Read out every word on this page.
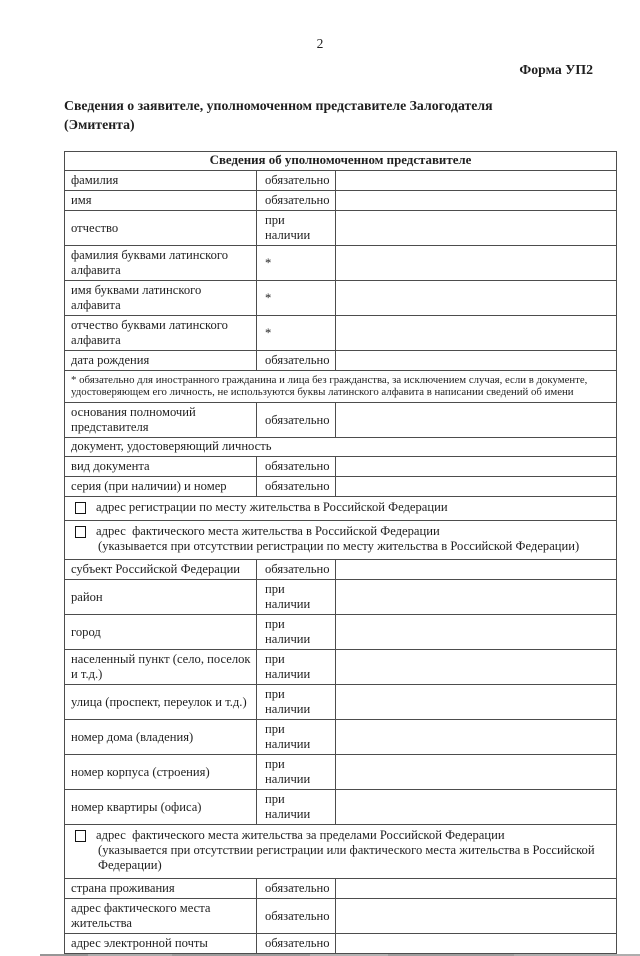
2
Форма УП2
Сведения о заявителе, уполномоченном представителе Залогодателя (Эмитента)
Сведения об уполномоченном представителе		
фамилия	обязательно	
имя	обязательно	
отчество	при наличии	
фамилия буквами латинского алфавита	*	
имя буквами латинского алфавита	*	
отчество буквами латинского алфавита	*	
дата рождения	обязательно	
* обязательно для иностранного гражданина и лица без гражданства, за исключением случая, если в документе, удостоверяющем его личность, не используются буквы латинского алфавита в написании сведений об имени		
основания полномочий представителя	обязательно	
документ, удостоверяющий личность		
вид документа	обязательно	
серия (при наличии) и номер	обязательно	

адрес регистрации по месту жительства в Российской Федерации		

адрес  фактического места жительства в Российской Федерации
(указывается при отсутствии регистрации по месту жительства в Российской Федерации)		

субъект Российской Федерации	обязательно	
район	при наличии	
город	при наличии	
населенный пункт (село, поселок и т.д.)	при наличии	
улица (проспект, переулок и т.д.)	при наличии	
номер дома (владения)	при наличии	
номер корпуса (строения)	при наличии	
номер квартиры (офиса)	при наличии	

адрес  фактического места жительства за пределами Российской Федерации
(указывается при отсутствии регистрации или фактического места жительства в Российской Федерации)		

страна проживания	обязательно	
адрес фактического места жительства	обязательно	
адрес электронной почты	обязательно	
